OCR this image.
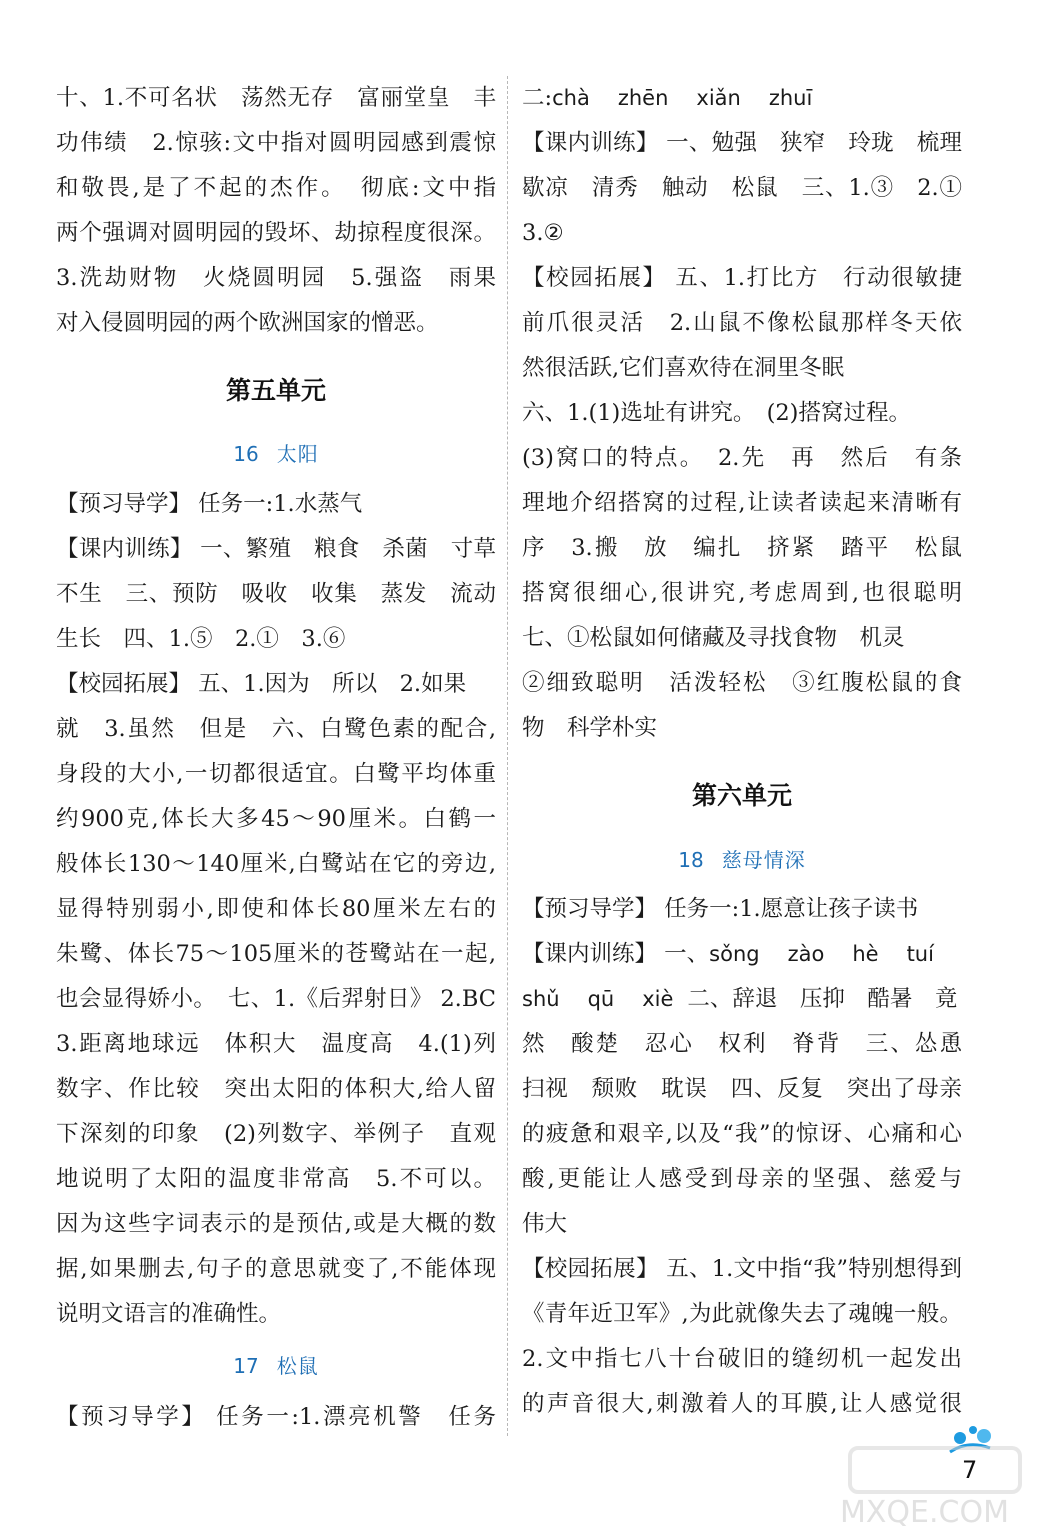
十、1.不可名状　荡然无存　富丽堂皇　丰
功伟绩　2.惊骇:文中指对圆明园感到震惊
和敬畏,是了不起的杰作。　彻底:文中指
两个强调对圆明园的毁坏、劫掠程度很深。
3.洗劫财物　火烧圆明园　5.强盗　雨果
对入侵圆明园的两个欧洲国家的憎恶。
第五单元
16 太阳
【预习导学】 任务一:1.水蒸气
【课内训练】 一、繁殖　粮食　杀菌　寸草
不生　三、预防　吸收　收集　蒸发　流动
生长　四、1.⑤　2.①　3.⑥
【校园拓展】 五、1.因为　所以　2.如果
就　3.虽然　但是　六、白鹭色素的配合,
身段的大小,一切都很适宜。白鹭平均体重
约900克,体长大多45～90厘米。白鹤一
般体长130～140厘米,白鹭站在它的旁边,
显得特别弱小,即使和体长80厘米左右的
朱鹭、体长75～105厘米的苍鹭站在一起,
也会显得娇小。　七、1.《后羿射日》 2.BC
3.距离地球远　体积大　温度高　4.(1)列
数字、作比较　突出太阳的体积大,给人留
下深刻的印象　(2)列数字、举例子　直观
地说明了太阳的温度非常高　5.不可以。
因为这些字词表示的是预估,或是大概的数
据,如果删去,句子的意思就变了,不能体现
说明文语言的准确性。
17 松鼠
【预习导学】 任务一:1.漂亮机警　任务
二:chà zhēn xiǎn zhuī
【课内训练】 一、勉强　狭窄　玲珑　梳理
歇凉　清秀　触动　松鼠　三、1.③　2.①
3.②
【校园拓展】 五、1.打比方　行动很敏捷
前爪很灵活　2.山鼠不像松鼠那样冬天依
然很活跃,它们喜欢待在洞里冬眠
六、1.(1)选址有讲究。　(2)搭窝过程。
(3)窝口的特点。　2.先　再　然后　有条
理地介绍搭窝的过程,让读者读起来清晰有
序　3.搬　放　编扎　挤紧　踏平　松鼠
搭窝很细心,很讲究,考虑周到,也很聪明
七、①松鼠如何储藏及寻找食物　机灵
②细致聪明　活泼轻松　③红腹松鼠的食
物　科学朴实
第六单元
18 慈母情深
【预习导学】 任务一:1.愿意让孩子读书
【课内训练】 一、sǒng zào hè tuí
shǔ qū xiè 二、辞退　压抑　酷暑　竟
然　酸楚　忍心　权利　脊背　三、怂恿
扫视　颓败　耽误　四、反复　突出了母亲
的疲惫和艰辛,以及“我”的惊讶、心痛和心
酸,更能让人感受到母亲的坚强、慈爱与
伟大
【校园拓展】 五、1.文中指“我”特别想得到
《青年近卫军》,为此就像失去了魂魄一般。
2.文中指七八十台破旧的缝纫机一起发出
的声音很大,刺激着人的耳膜,让人感觉很
MXQE.COM
7
